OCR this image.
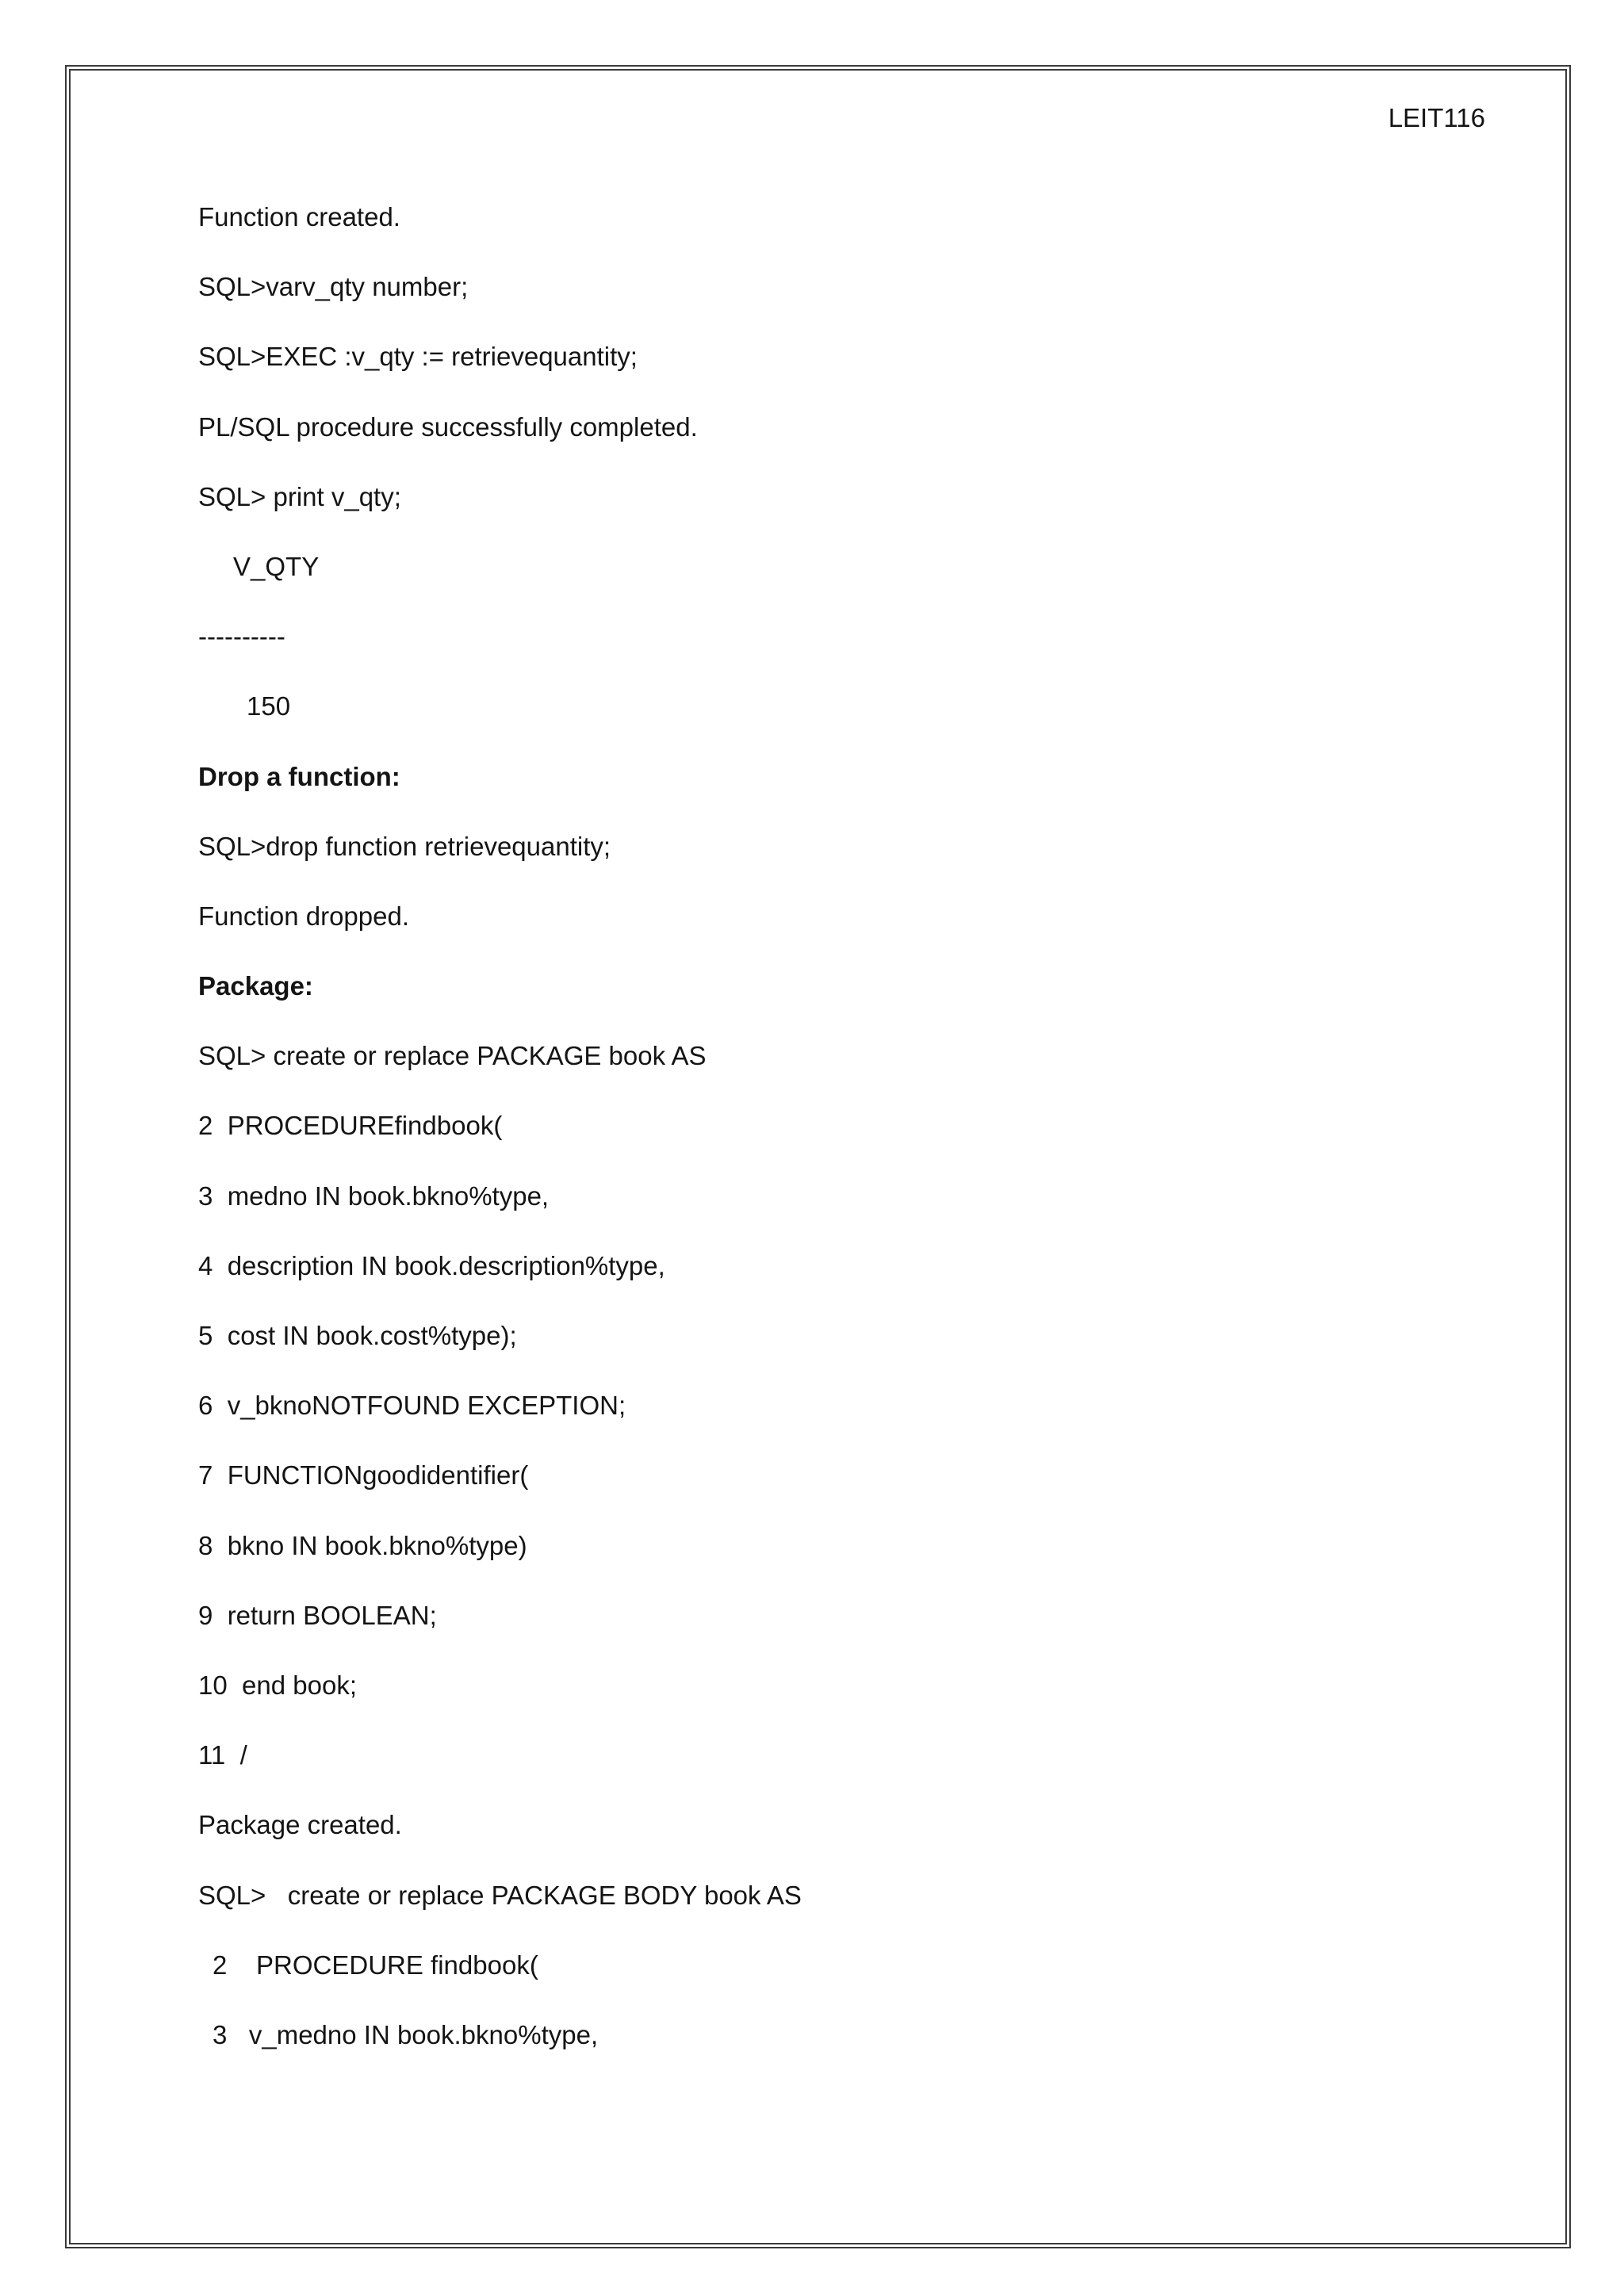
LEIT116
Function created.
SQL>varv_qty number;
SQL>EXEC :v_qty := retrievequantity;
PL/SQL procedure successfully completed.
SQL> print v_qty;
V_QTY
----------
150
Drop a function:
SQL>drop function retrievequantity;
Function dropped.
Package:
SQL> create or replace PACKAGE book AS
2  PROCEDUREfindbook(
3  medno IN book.bkno%type,
4  description IN book.description%type,
5  cost IN book.cost%type);
6  v_bknoNOTFOUND EXCEPTION;
7  FUNCTIONgoodidentifier(
8  bkno IN book.bkno%type)
9  return BOOLEAN;
10  end book;
11  /
Package created.
SQL>   create or replace PACKAGE BODY book AS
2    PROCEDURE findbook(
3   v_medno IN book.bkno%type,
